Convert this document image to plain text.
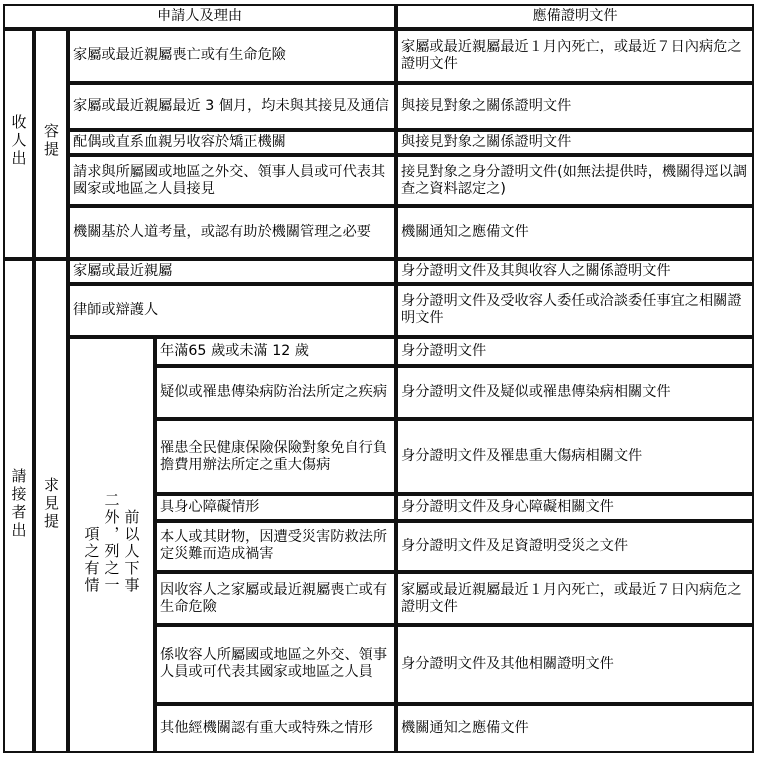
申請人及理由				應備證明文件
收人出	容提	家屬或最近親屬喪亡或有生命危險		家屬或最近親屬最近１月內死亡，或最近７日內病危之證明文件
		家屬或最近親屬最近 3 個月，均未與其接見及通信		與接見對象之關係證明文件
		配偶或直系血親另收容於矯正機關		與接見對象之關係證明文件
		請求與所屬國或地區之外交、領事人員或可代表其國家或地區之人員接見		接見對象之身分證明文件(如無法提供時，機關得逕以調查之資料認定之)
		機關基於人道考量，或認有助於機關管理之必要		機關通知之應備文件
請接者出	求見提	家屬或最近親屬		身分證明文件及其與收容人之關係證明文件
		律師或辯護人		身分證明文件及受收容人委任或洽談委任事宜之相關證明文件
		項之有情 二外，列之一 前以人下事	年滿65 歲或未滿 12 歲	身分證明文件
			疑似或罹患傳染病防治法所定之疾病	身分證明文件及疑似或罹患傳染病相關文件
			罹患全民健康保險保險對象免自行負擔費用辦法所定之重大傷病	身分證明文件及罹患重大傷病相關文件
			具身心障礙情形	身分證明文件及身心障礙相關文件
			本人或其財物，因遭受災害防救法所定災難而造成禍害	身分證明文件及足資證明受災之文件
			因收容人之家屬或最近親屬喪亡或有生命危險	家屬或最近親屬最近１月內死亡，或最近７日內病危之證明文件
			係收容人所屬國或地區之外交、領事人員或可代表其國家或地區之人員	身分證明文件及其他相關證明文件
			其他經機關認有重大或特殊之情形	機關通知之應備文件
